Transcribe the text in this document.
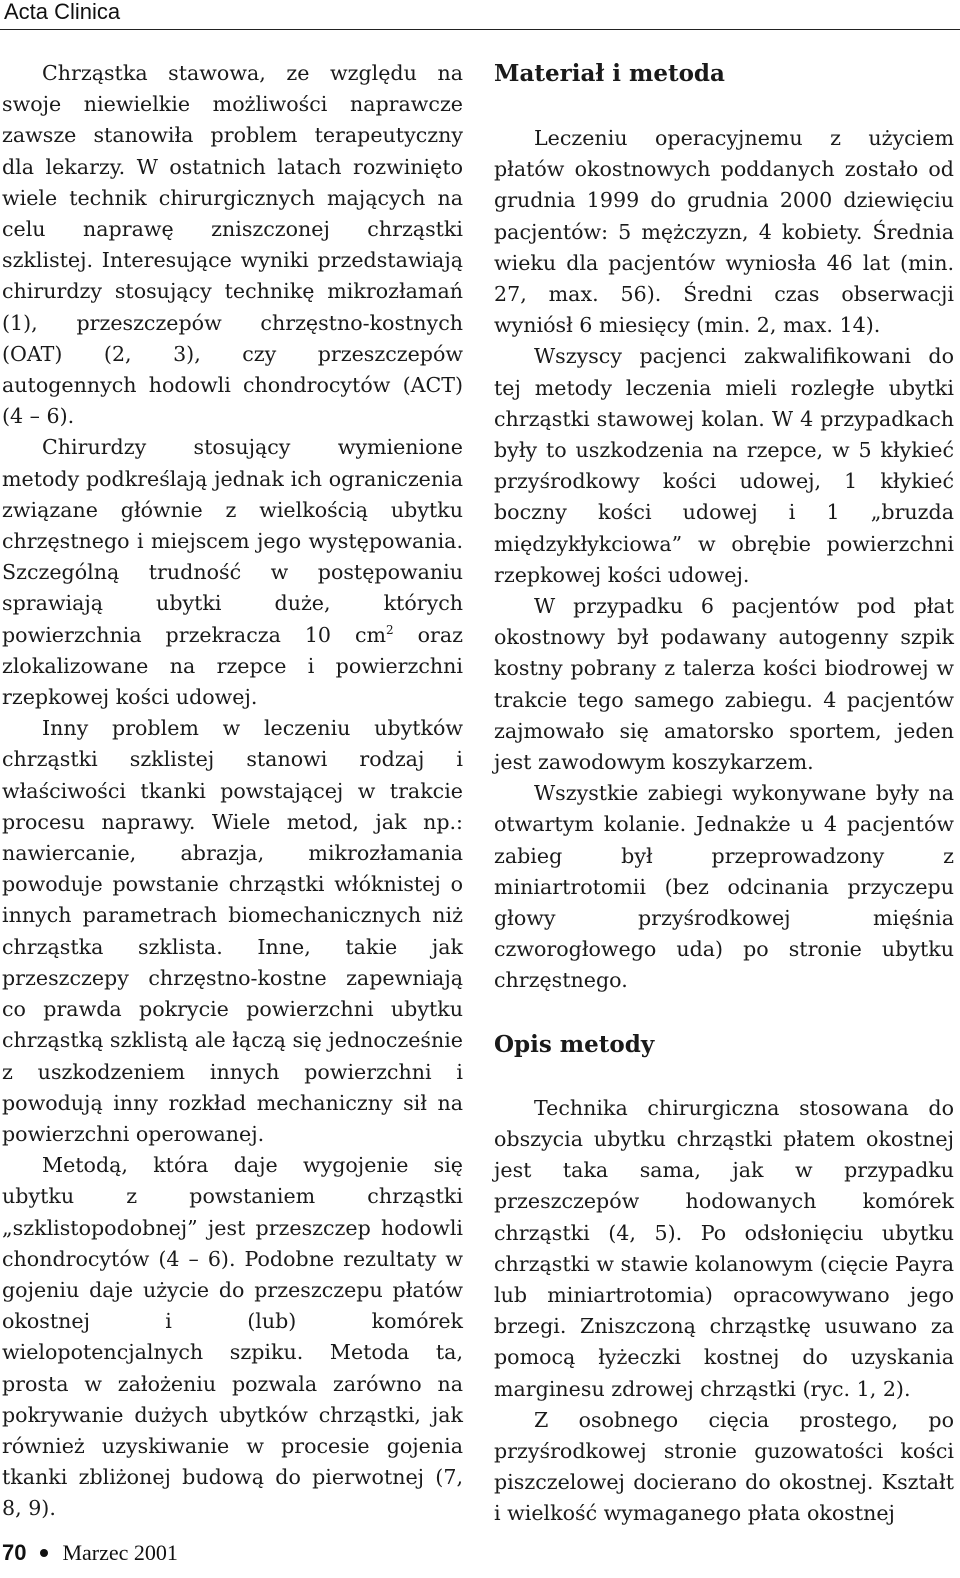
Acta Clinica

Chrząstka stawowa, ze względu na swoje niewielkie możliwości naprawcze zawsze stanowiła problem terapeutyczny dla lekarzy. W ostatnich latach rozwinięto wiele technik chirurgicznych mających na celu naprawę zniszczonej chrząstki szklistej. Interesujące wyniki przedstawiają chirurdzy stosujący technikę mikrozłamań (1), przeszczepów chrzęstno-kostnych (OAT) (2, 3), czy przeszczepów autogennych hodowli chondrocytów (ACT) (4 – 6).

Chirurdzy stosujący wymienione metody podkreślają jednak ich ograniczenia związane głównie z wielkością ubytku chrzęstnego i miejscem jego występowania. Szczególną trudność w postępowaniu sprawiają ubytki duże, których powierzchnia przekracza 10 $cm^2$ oraz zlokalizowane na rzepce i powierzchni rzepkowej kości udowej.

Inny problem w leczeniu ubytków chrząstki szklistej stanowi rodzaj i właściwości tkanki powstającej w trakcie procesu naprawy. Wiele metod, jak np.: nawiercanie, abrazja, mikrozłamania powoduje powstanie chrząstki włóknistej o innych parametrach biomechanicznych niż chrząstka szklista. Inne, takie jak przeszczepy chrzęstno-kostne zapewniają co prawda pokrycie powierzchni ubytku chrząstką szklistą ale łączą się jednocześnie z uszkodzeniem innych powierzchni i powodują inny rozkład mechaniczny sił na powierzchni operowanej.

Metodą, która daje wygojenie się ubytku z powstaniem chrząstki „szklistopodobnej” jest przeszczep hodowli chondrocytów (4 – 6). Podobne rezultaty w gojeniu daje użycie do przeszczepu płatów okostnej i (lub) komórek wielopotencjalnych szpiku. Metoda ta, prosta w założeniu pozwala zarówno na pokrywanie dużych ubytków chrząstki, jak również uzyskiwanie w procesie gojenia tkanki zbliżonej budową do pierwotnej (7, 8, 9).

Materiał i metoda

Leczeniu operacyjnemu z użyciem płatów okostnowych poddanych zostało od grudnia 1999 do grudnia 2000 dziewięciu pacjentów: 5 mężczyzn, 4 kobiety. Średnia wieku dla pacjentów wyniosła 46 lat (min. 27, max. 56). Średni czas obserwacji wyniósł 6 miesięcy (min. 2, max. 14).

Wszyscy pacjenci zakwalifikowani do tej metody leczenia mieli rozległe ubytki chrząstki stawowej kolan. W 4 przypadkach były to uszkodzenia na rzepce, w 5 kłykieć przyśrodkowy kości udowej, 1 kłykieć boczny kości udowej i 1 „bruzda międzykłykciowa” w obrębie powierzchni rzepkowej kości udowej.

W przypadku 6 pacjentów pod płat okostnowy był podawany autogenny szpik kostny pobrany z talerza kości biodrowej w trakcie tego samego zabiegu. 4 pacjentów zajmowało się amatorsko sportem, jeden jest zawodowym koszykarzem.

Wszystkie zabiegi wykonywane były na otwartym kolanie. Jednakże u 4 pacjentów zabieg był przeprowadzony z miniartrotomii (bez odcinania przyczepu głowy przyśrodkowej mięśnia czworogłowego uda) po stronie ubytku chrzęstnego.

Opis metody

Technika chirurgiczna stosowana do obszycia ubytku chrząstki płatem okostnej jest taka sama, jak w przypadku przeszczepów hodowanych komórek chrząstki (4, 5). Po odsłonięciu ubytku chrząstki w stawie kolanowym (cięcie Payra lub miniartrotomia) opracowywano jego brzegi. Zniszczoną chrząstkę usuwano za pomocą łyżeczki kostnej do uzyskania marginesu zdrowej chrząstki (ryc. 1, 2).

Z osobnego cięcia prostego, po przyśrodkowej stronie guzowatości kości piszczelowej docierano do okostnej. Kształt i wielkość wymaganego płata okostnej

70 Marzec 2001
